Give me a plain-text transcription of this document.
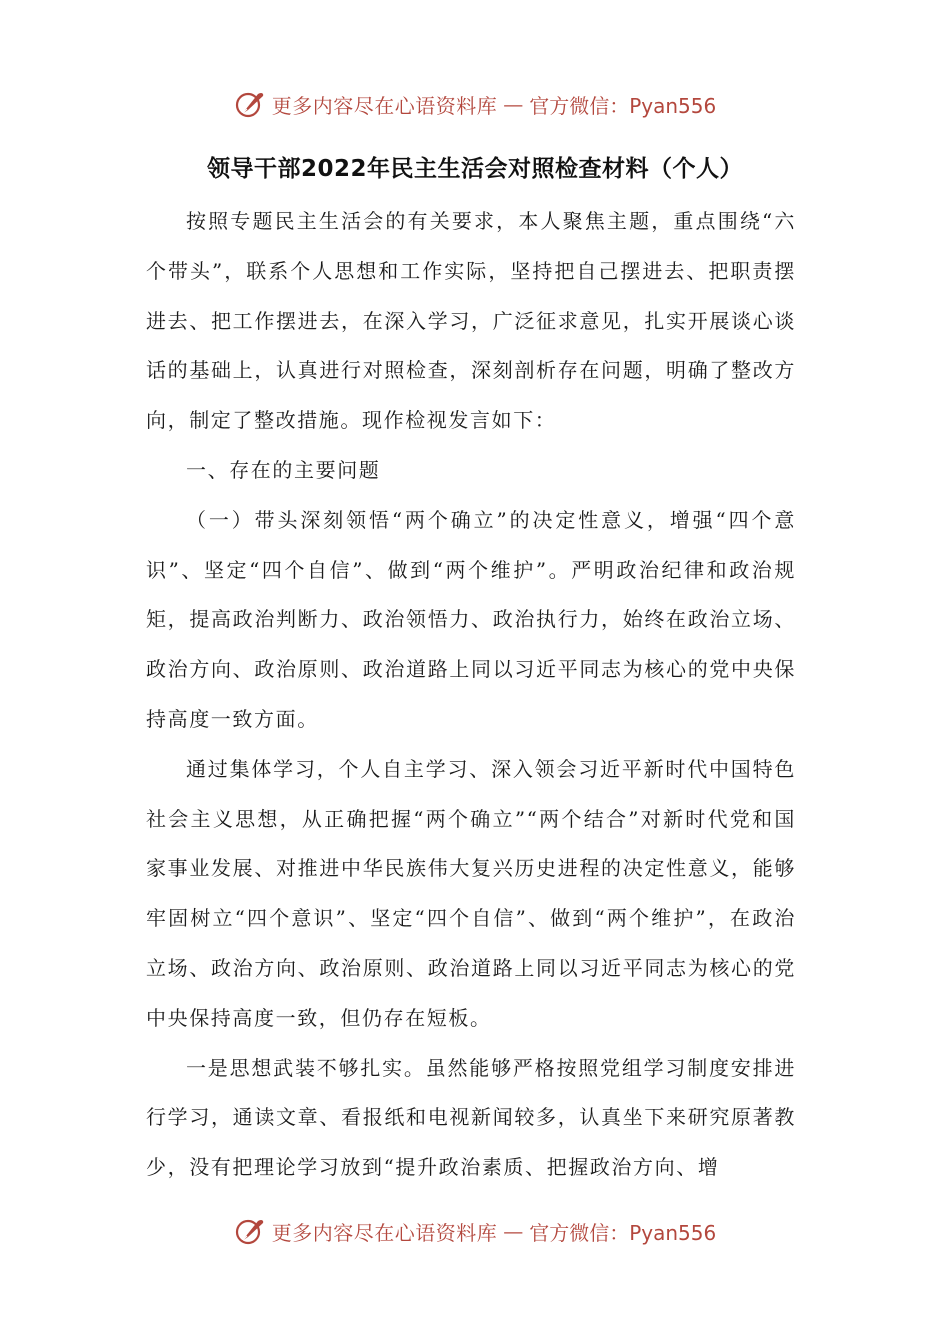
更多内容尽在心语资料库 — 官方微信：Pyan556
领导干部2022年民主生活会对照检查材料（个人）

按照专题民主生活会的有关要求，本人聚焦主题，重点围绕“六个带头”，联系个人思想和工作实际，坚持把自己摆进去、把职责摆进去、把工作摆进去，在深入学习，广泛征求意见，扎实开展谈心谈话的基础上，认真进行对照检查，深刻剖析存在问题，明确了整改方向，制定了整改措施。现作检视发言如下：

一、存在的主要问题

（一）带头深刻领悟“两个确立”的决定性意义，增强“四个意识”、坚定“四个自信”、做到“两个维护”。严明政治纪律和政治规矩，提高政治判断力、政治领悟力、政治执行力，始终在政治立场、政治方向、政治原则、政治道路上同以习近平同志为核心的党中央保持高度一致方面。

通过集体学习，个人自主学习、深入领会习近平新时代中国特色社会主义思想，从正确把握“两个确立”“两个结合”对新时代党和国家事业发展、对推进中华民族伟大复兴历史进程的决定性意义，能够牢固树立“四个意识”、坚定“四个自信”、做到“两个维护”，在政治立场、政治方向、政治原则、政治道路上同以习近平同志为核心的党中央保持高度一致，但仍存在短板。

一是思想武装不够扎实。虽然能够严格按照党组学习制度安排进行学习，通读文章、看报纸和电视新闻较多，认真坐下来研究原著教少，没有把理论学习放到“提升政治素质、把握政治方向、增

更多内容尽在心语资料库 — 官方微信：Pyan556
